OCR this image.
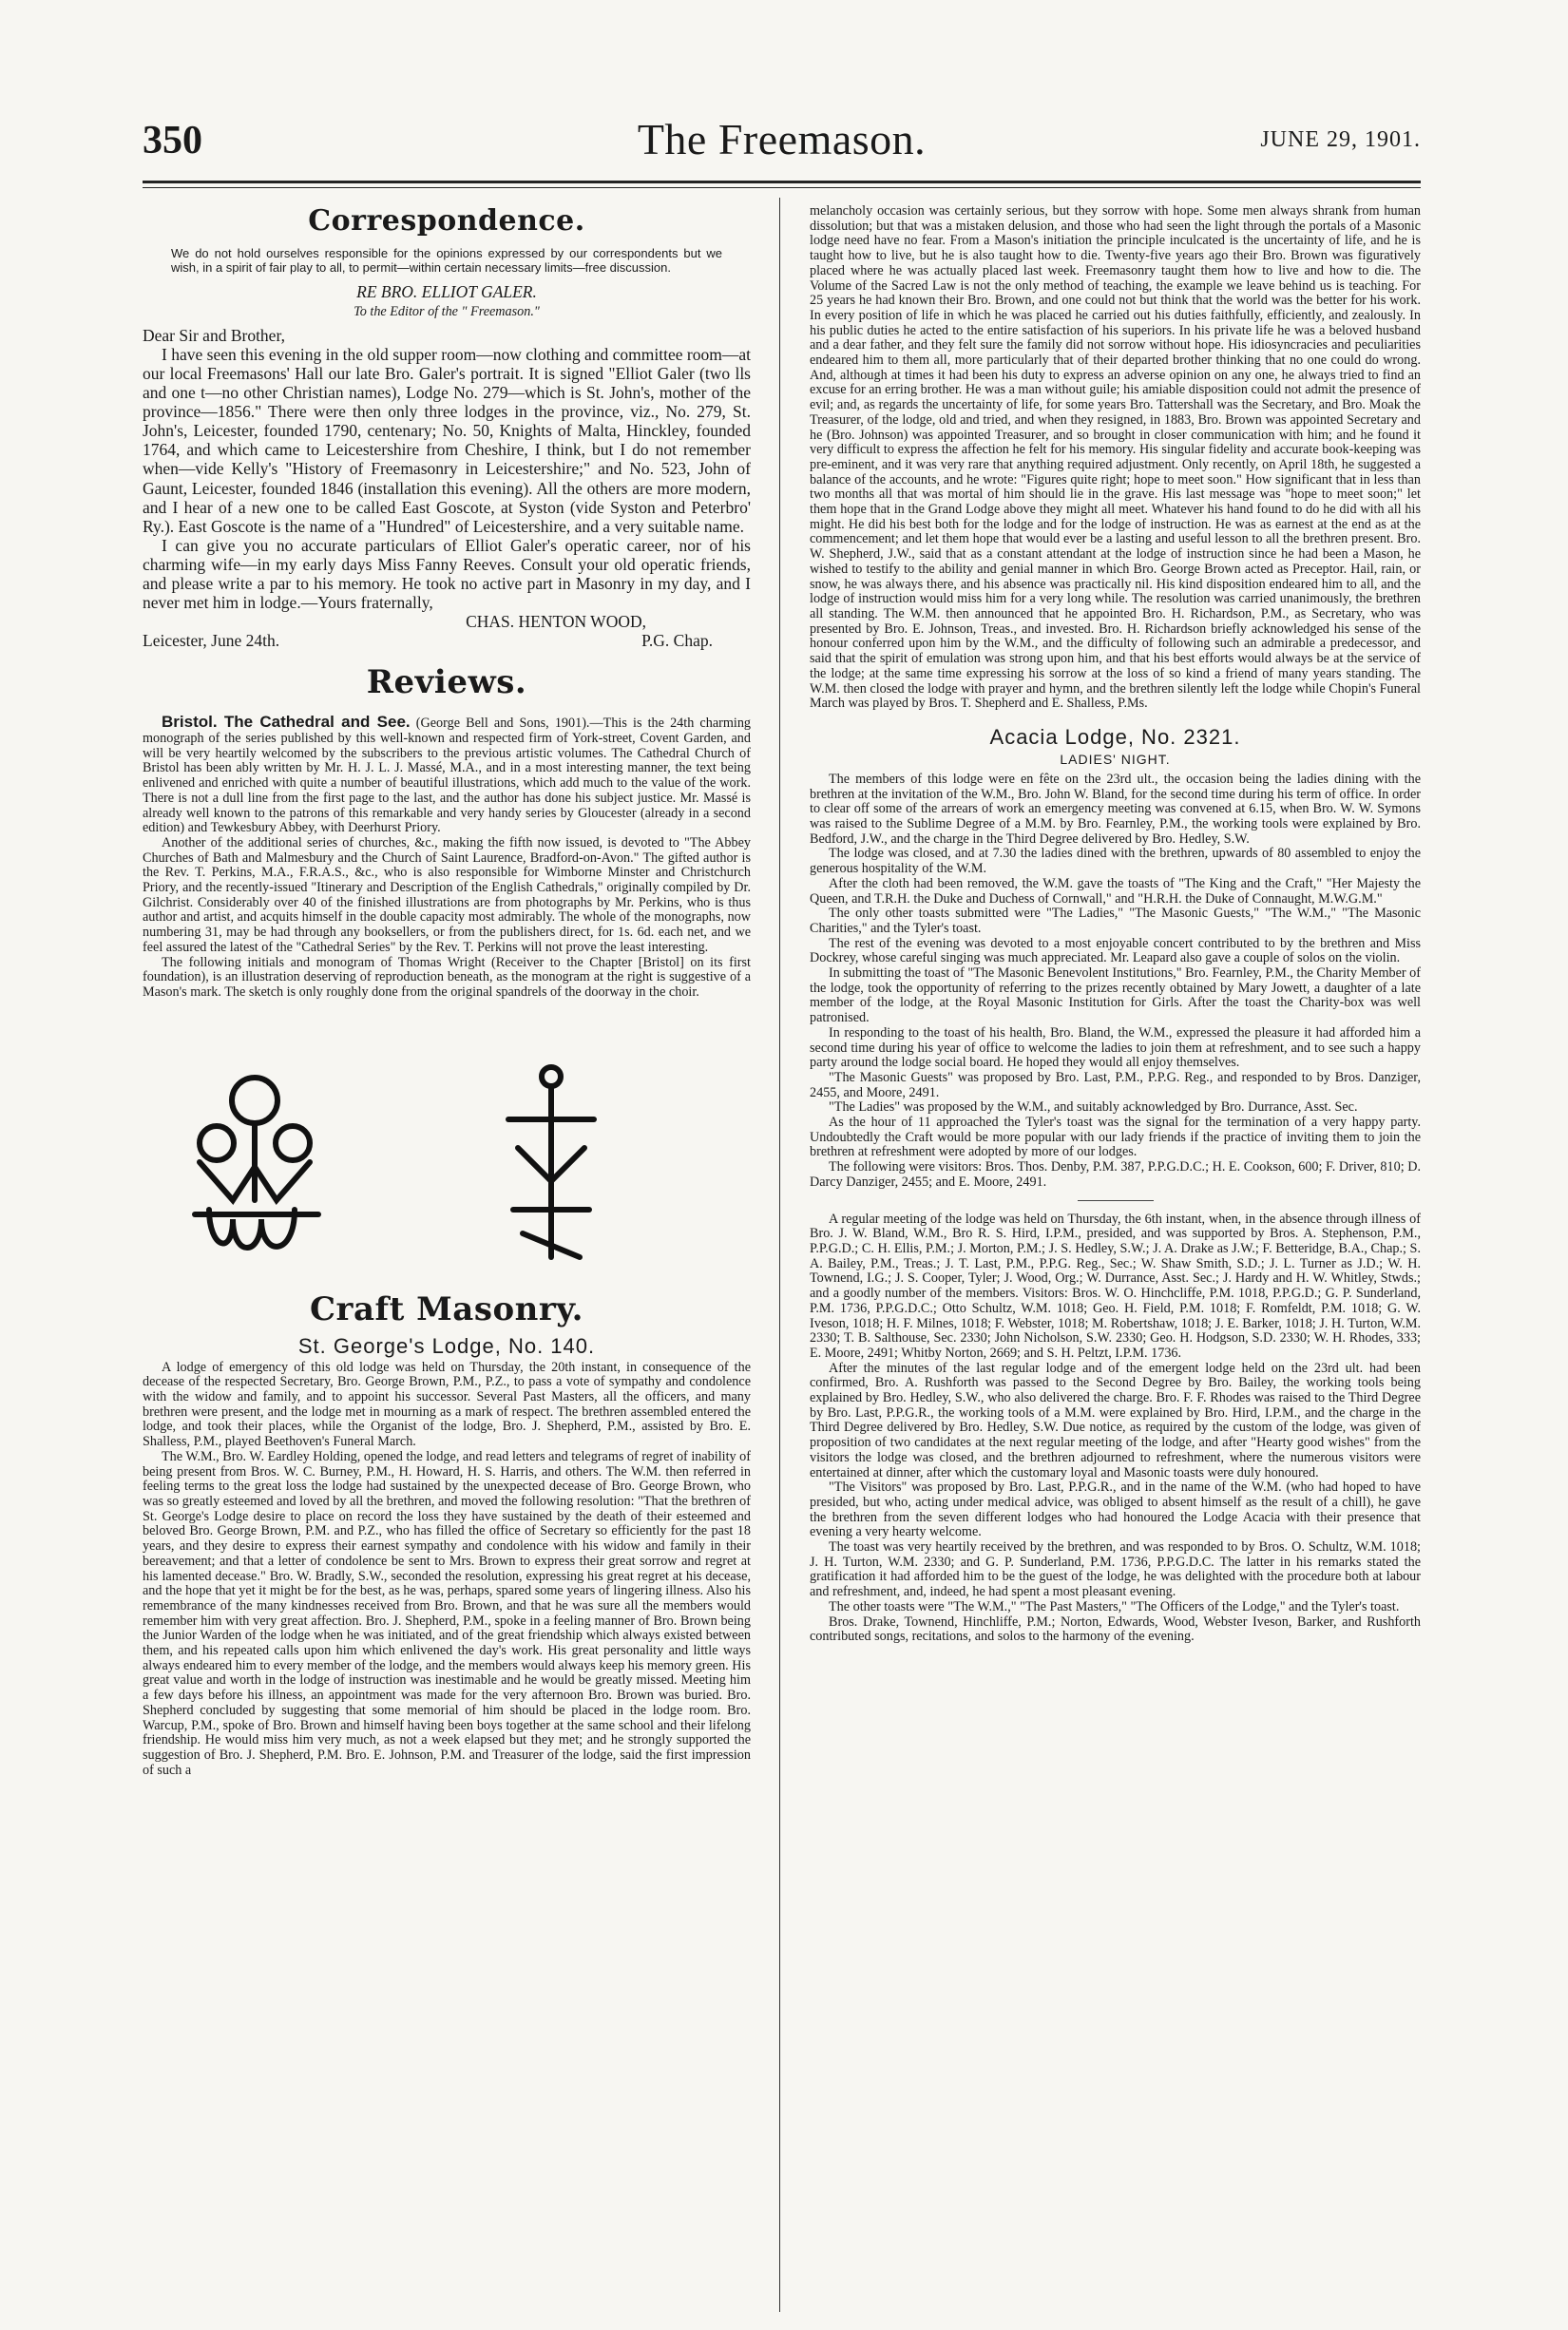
The Freemason.
350	JUNE 29, 1901.
Correspondence.
We do not hold ourselves responsible for the opinions expressed by our correspondents but we wish, in a spirit of fair play to all, to permit—within certain necessary limits—free discussion.

RE BRO. ELLIOT GALER.

To the Editor of the " Freemason."

Dear Sir and Brother,

I have seen this evening in the old supper room—now clothing and committee room—at our local Freemasons' Hall our late Bro. Galer's portrait. It is signed "Elliot Galer (two lls and one t—no other Christian names), Lodge No. 279—which is St. John's, mother of the province—1856." There were then only three lodges in the province, viz., No. 279, St. John's, Leicester, founded 1790, centenary; No. 50, Knights of Malta, Hinckley, founded 1764, and which came to Leicestershire from Cheshire, I think, but I do not remember when—vide Kelly's "History of Freemasonry in Leicestershire;" and No. 523, John of Gaunt, Leicester, founded 1846 (installation this evening). All the others are more modern, and I hear of a new one to be called East Goscote, at Syston (vide Syston and Peterbro' Ry.). East Goscote is the name of a "Hundred" of Leicestershire, and a very suitable name.

I can give you no accurate particulars of Elliot Galer's operatic career, nor of his charming wife—in my early days Miss Fanny Reeves. Consult your old operatic friends, and please write a par to his memory. He took no active part in Masonry in my day, and I never met him in lodge.—Yours fraternally,

CHAS. HENTON WOOD,

Leicester, June 24th.	P.G. Chap.
Reviews.

Bristol. The Cathedral and See. (George Bell and Sons, 1901).—This is the 24th charming monograph of the series published by this well-known and respected firm of York-street, Covent Garden, and will be very heartily welcomed by the subscribers to the previous artistic volumes. The Cathedral Church of Bristol has been ably written by Mr. H. J. L. J. Massé, M.A., and in a most interesting manner, the text being enlivened and enriched with quite a number of beautiful illustrations, which add much to the value of the work. There is not a dull line from the first page to the last, and the author has done his subject justice. Mr. Massé is already well known to the patrons of this remarkable and very handy series by Gloucester (already in a second edition) and Tewkesbury Abbey, with Deerhurst Priory.

Another of the additional series of churches, &c., making the fifth now issued, is devoted to "The Abbey Churches of Bath and Malmesbury and the Church of Saint Laurence, Bradford-on-Avon." The gifted author is the Rev. T. Perkins, M.A., F.R.A.S., &c., who is also responsible for Wimborne Minster and Christchurch Priory, and the recently-issued "Itinerary and Description of the English Cathedrals," originally compiled by Dr. Gilchrist. Considerably over 40 of the finished illustrations are from photographs by Mr. Perkins, who is thus author and artist, and acquits himself in the double capacity most admirably. The whole of the monographs, now numbering 31, may be had through any booksellers, or from the publishers direct, for 1s. 6d. each net, and we feel assured the latest of the "Cathedral Series" by the Rev. T. Perkins will not prove the least interesting.

The following initials and monogram of Thomas Wright (Receiver to the Chapter [Bristol] on its first foundation), is an illustration deserving of reproduction beneath, as the monogram at the right is suggestive of a Mason's mark. The sketch is only roughly done from the original spandrels of the doorway in the choir.

Craft Masonry.
St. George's Lodge, No. 140.

A lodge of emergency of this old lodge was held on Thursday, the 20th instant, in consequence of the decease of the respected Secretary, Bro. George Brown, P.M., P.Z., to pass a vote of sympathy and condolence with the widow and family, and to appoint his successor. Several Past Masters, all the officers, and many brethren were present, and the lodge met in mourning as a mark of respect. The brethren assembled entered the lodge, and took their places, while the Organist of the lodge, Bro. J. Shepherd, P.M., assisted by Bro. E. Shalless, P.M., played Beethoven's Funeral March.

The W.M., Bro. W. Eardley Holding, opened the lodge, and read letters and telegrams of regret of inability of being present from Bros. W. C. Burney, P.M., H. Howard, H. S. Harris, and others. The W.M. then referred in feeling terms to the great loss the lodge had sustained by the unexpected decease of Bro. George Brown, who was so greatly esteemed and loved by all the brethren, and moved the following resolution: "That the brethren of St. George's Lodge desire to place on record the loss they have sustained by the death of their esteemed and beloved Bro. George Brown, P.M. and P.Z., who has filled the office of Secretary so efficiently for the past 18 years, and they desire to express their earnest sympathy and condolence with his widow and family in their bereavement; and that a letter of condolence be sent to Mrs. Brown to express their great sorrow and regret at his lamented decease." Bro. W. Bradly, S.W., seconded the resolution, expressing his great regret at his decease, and the hope that yet it might be for the best, as he was, perhaps, spared some years of lingering illness. Also his remembrance of the many kindnesses received from Bro. Brown, and that he was sure all the members would remember him with very great affection. Bro. J. Shepherd, P.M., spoke in a feeling manner of Bro. Brown being the Junior Warden of the lodge when he was initiated, and of the great friendship which always existed between them, and his repeated calls upon him which enlivened the day's work. His great personality and little ways always endeared him to every member of the lodge, and the members would always keep his memory green. His great value and worth in the lodge of instruction was inestimable and he would be greatly missed. Meeting him a few days before his illness, an appointment was made for the very afternoon Bro. Brown was buried. Bro. Shepherd concluded by suggesting that some memorial of him should be placed in the lodge room. Bro. Warcup, P.M., spoke of Bro. Brown and himself having been boys together at the same school and their lifelong friendship. He would miss him very much, as not a week elapsed but they met; and he strongly supported the suggestion of Bro. J. Shepherd, P.M. Bro. E. Johnson, P.M. and Treasurer of the lodge, said the first impression of such a

melancholy occasion was certainly serious, but they sorrow with hope. Some men always shrank from human dissolution; but that was a mistaken delusion, and those who had seen the light through the portals of a Masonic lodge need have no fear. From a Mason's initiation the principle inculcated is the uncertainty of life, and he is taught how to live, but he is also taught how to die. Twenty-five years ago their Bro. Brown was figuratively placed where he was actually placed last week. Freemasonry taught them how to live and how to die. The Volume of the Sacred Law is not the only method of teaching, the example we leave behind us is teaching. For 25 years he had known their Bro. Brown, and one could not but think that the world was the better for his work. In every position of life in which he was placed he carried out his duties faithfully, efficiently, and zealously. In his public duties he acted to the entire satisfaction of his superiors. In his private life he was a beloved husband and a dear father, and they felt sure the family did not sorrow without hope. His idiosyncracies and peculiarities endeared him to them all, more particularly that of their departed brother thinking that no one could do wrong. And, although at times it had been his duty to express an adverse opinion on any one, he always tried to find an excuse for an erring brother. He was a man without guile; his amiable disposition could not admit the presence of evil; and, as regards the uncertainty of life, for some years Bro. Tattershall was the Secretary, and Bro. Moak the Treasurer, of the lodge, old and tried, and when they resigned, in 1883, Bro. Brown was appointed Secretary and he (Bro. Johnson) was appointed Treasurer, and so brought in closer communication with him; and he found it very difficult to express the affection he felt for his memory. His singular fidelity and accurate book-keeping was pre-eminent, and it was very rare that anything required adjustment. Only recently, on April 18th, he suggested a balance of the accounts, and he wrote: "Figures quite right; hope to meet soon." How significant that in less than two months all that was mortal of him should lie in the grave. His last message was "hope to meet soon;" let them hope that in the Grand Lodge above they might all meet. Whatever his hand found to do he did with all his might. He did his best both for the lodge and for the lodge of instruction. He was as earnest at the end as at the commencement; and let them hope that would ever be a lasting and useful lesson to all the brethren present. Bro. W. Shepherd, J.W., said that as a constant attendant at the lodge of instruction since he had been a Mason, he wished to testify to the ability and genial manner in which Bro. George Brown acted as Preceptor. Hail, rain, or snow, he was always there, and his absence was practically nil. His kind disposition endeared him to all, and the lodge of instruction would miss him for a very long while. The resolution was carried unanimously, the brethren all standing. The W.M. then announced that he appointed Bro. H. Richardson, P.M., as Secretary, who was presented by Bro. E. Johnson, Treas., and invested. Bro. H. Richardson briefly acknowledged his sense of the honour conferred upon him by the W.M., and the difficulty of following such an admirable a predecessor, and said that the spirit of emulation was strong upon him, and that his best efforts would always be at the service of the lodge; at the same time expressing his sorrow at the loss of so kind a friend of many years standing. The W.M. then closed the lodge with prayer and hymn, and the brethren silently left the lodge while Chopin's Funeral March was played by Bros. T. Shepherd and E. Shalless, P.Ms.

Acacia Lodge, No. 2321.
LADIES' NIGHT.

The members of this lodge were en fête on the 23rd ult., the occasion being the ladies dining with the brethren at the invitation of the W.M., Bro. John W. Bland, for the second time during his term of office. In order to clear off some of the arrears of work an emergency meeting was convened at 6.15, when Bro. W. W. Symons was raised to the Sublime Degree of a M.M. by Bro. Fearnley, P.M., the working tools were explained by Bro. Bedford, J.W., and the charge in the Third Degree delivered by Bro. Hedley, S.W.

The lodge was closed, and at 7.30 the ladies dined with the brethren, upwards of 80 assembled to enjoy the generous hospitality of the W.M.

After the cloth had been removed, the W.M. gave the toasts of "The King and the Craft," "Her Majesty the Queen, and T.R.H. the Duke and Duchess of Cornwall," and "H.R.H. the Duke of Connaught, M.W.G.M."

The only other toasts submitted were "The Ladies," "The Masonic Guests," "The W.M.," "The Masonic Charities," and the Tyler's toast.

The rest of the evening was devoted to a most enjoyable concert contributed to by the brethren and Miss Dockrey, whose careful singing was much appreciated. Mr. Leapard also gave a couple of solos on the violin.

In submitting the toast of "The Masonic Benevolent Institutions," Bro. Fearnley, P.M., the Charity Member of the lodge, took the opportunity of referring to the prizes recently obtained by Mary Jowett, a daughter of a late member of the lodge, at the Royal Masonic Institution for Girls. After the toast the Charity-box was well patronised.

In responding to the toast of his health, Bro. Bland, the W.M., expressed the pleasure it had afforded him a second time during his year of office to welcome the ladies to join them at refreshment, and to see such a happy party around the lodge social board. He hoped they would all enjoy themselves.

"The Masonic Guests" was proposed by Bro. Last, P.M., P.P.G. Reg., and responded to by Bros. Danziger, 2455, and Moore, 2491.

"The Ladies" was proposed by the W.M., and suitably acknowledged by Bro. Durrance, Asst. Sec.

As the hour of 11 approached the Tyler's toast was the signal for the termination of a very happy party. Undoubtedly the Craft would be more popular with our lady friends if the practice of inviting them to join the brethren at refreshment were adopted by more of our lodges.

The following were visitors: Bros. Thos. Denby, P.M. 387, P.P.G.D.C.; H. E. Cookson, 600; F. Driver, 810; D. Darcy Danziger, 2455; and E. Moore, 2491.

A regular meeting of the lodge was held on Thursday, the 6th instant, when, in the absence through illness of Bro. J. W. Bland, W.M., Bro R. S. Hird, I.P.M., presided, and was supported by Bros. A. Stephenson, P.M., P.P.G.D.; C. H. Ellis, P.M.; J. Morton, P.M.; J. S. Hedley, S.W.; J. A. Drake as J.W.; F. Betteridge, B.A., Chap.; S. A. Bailey, P.M., Treas.; J. T. Last, P.M., P.P.G. Reg., Sec.; W. Shaw Smith, S.D.; J. L. Turner as J.D.; W. H. Townend, I.G.; J. S. Cooper, Tyler; J. Wood, Org.; W. Durrance, Asst. Sec.; J. Hardy and H. W. Whitley, Stwds.; and a goodly number of the members. Visitors: Bros. W. O. Hinchcliffe, P.M. 1018, P.P.G.D.; G. P. Sunderland, P.M. 1736, P.P.G.D.C.; Otto Schultz, W.M. 1018; Geo. H. Field, P.M. 1018; F. Romfeldt, P.M. 1018; G. W. Iveson, 1018; H. F. Milnes, 1018; F. Webster, 1018; M. Robertshaw, 1018; J. E. Barker, 1018; J. H. Turton, W.M. 2330; T. B. Salthouse, Sec. 2330; John Nicholson, S.W. 2330; Geo. H. Hodgson, S.D. 2330; W. H. Rhodes, 333; E. Moore, 2491; Whitby Norton, 2669; and S. H. Peltzt, I.P.M. 1736.

After the minutes of the last regular lodge and of the emergent lodge held on the 23rd ult. had been confirmed, Bro. A. Rushforth was passed to the Second Degree by Bro. Bailey, the working tools being explained by Bro. Hedley, S.W., who also delivered the charge. Bro. F. F. Rhodes was raised to the Third Degree by Bro. Last, P.P.G.R., the working tools of a M.M. were explained by Bro. Hird, I.P.M., and the charge in the Third Degree delivered by Bro. Hedley, S.W. Due notice, as required by the custom of the lodge, was given of proposition of two candidates at the next regular meeting of the lodge, and after "Hearty good wishes" from the visitors the lodge was closed, and the brethren adjourned to refreshment, where the numerous visitors were entertained at dinner, after which the customary loyal and Masonic toasts were duly honoured.

"The Visitors" was proposed by Bro. Last, P.P.G.R., and in the name of the W.M. (who had hoped to have presided, but who, acting under medical advice, was obliged to absent himself as the result of a chill), he gave the brethren from the seven different lodges who had honoured the Lodge Acacia with their presence that evening a very hearty welcome.

The toast was very heartily received by the brethren, and was responded to by Bros. O. Schultz, W.M. 1018; J. H. Turton, W.M. 2330; and G. P. Sunderland, P.M. 1736, P.P.G.D.C. The latter in his remarks stated the gratification it had afforded him to be the guest of the lodge, he was delighted with the procedure both at labour and refreshment, and, indeed, he had spent a most pleasant evening.

The other toasts were "The W.M.," "The Past Masters," "The Officers of the Lodge," and the Tyler's toast.

Bros. Drake, Townend, Hinchliffe, P.M.; Norton, Edwards, Wood, Webster Iveson, Barker, and Rushforth contributed songs, recitations, and solos to the harmony of the evening.
